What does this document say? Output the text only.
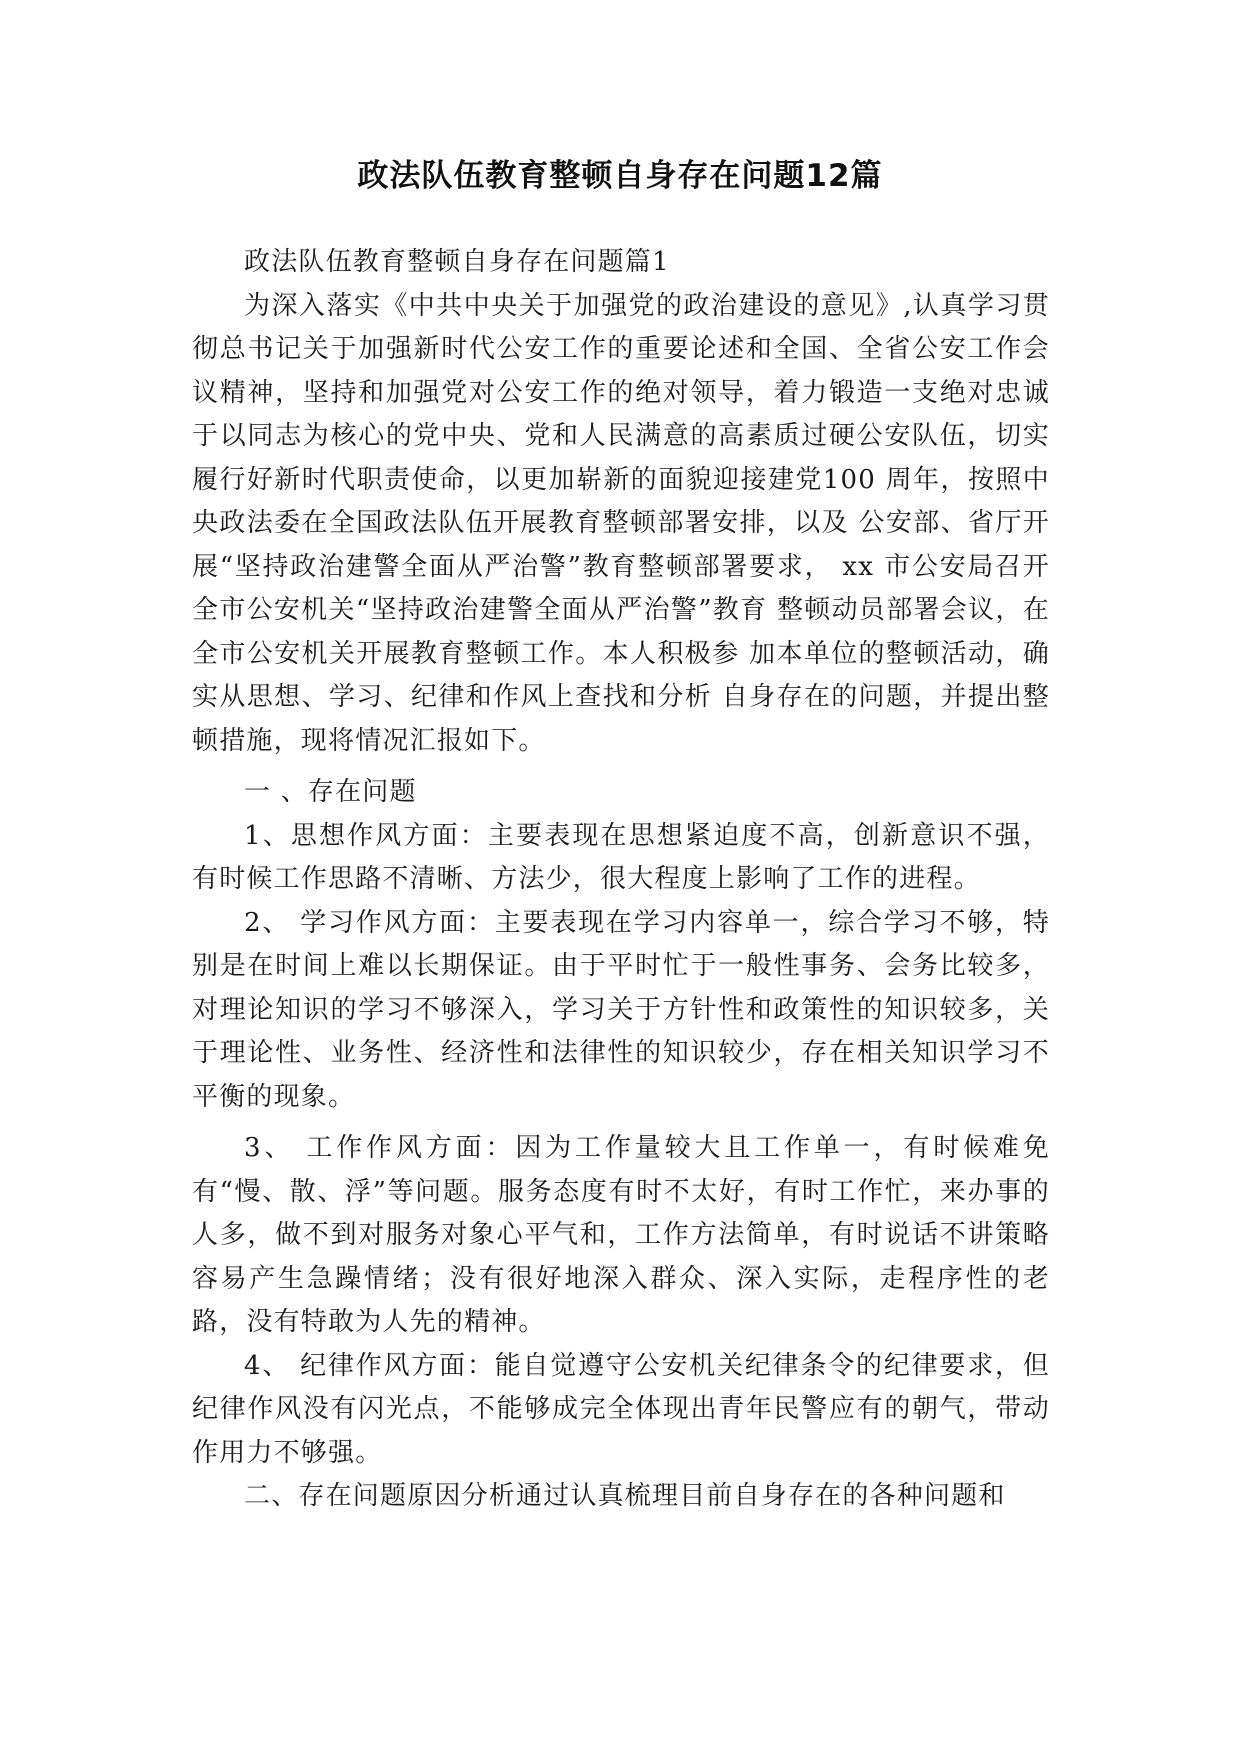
政法队伍教育整顿自身存在问题12篇

政法队伍教育整顿自身存在问题篇1

为深入落实《中共中央关于加强党的政治建设的意见》,认真学习贯彻总书记关于加强新时代公安工作的重要论述和全国、全省公安工作会议精神，坚持和加强党对公安工作的绝对领导，着力锻造一支绝对忠诚于以同志为核心的党中央、党和人民满意的高素质过硬公安队伍，切实履行好新时代职责使命，以更加崭新的面貌迎接建党100 周年，按照中央政法委在全国政法队伍开展教育整顿部署安排，以及 公安部、省厅开展“坚持政治建警全面从严治警”教育整顿部署要求， xx 市公安局召开全市公安机关“坚持政治建警全面从严治警”教育 整顿动员部署会议，在全市公安机关开展教育整顿工作。本人积极参 加本单位的整顿活动，确实从思想、学习、纪律和作风上查找和分析 自身存在的问题，并提出整顿措施，现将情况汇报如下。

一 、存在问题

1、思想作风方面：主要表现在思想紧迫度不高，创新意识不强，有时候工作思路不清晰、方法少，很大程度上影响了工作的进程。

2、 学习作风方面：主要表现在学习内容单一，综合学习不够，特别是在时间上难以长期保证。由于平时忙于一般性事务、会务比较多，对理论知识的学习不够深入，学习关于方针性和政策性的知识较多，关于理论性、业务性、经济性和法律性的知识较少，存在相关知识学习不平衡的现象。

3、 工作作风方面：因为工作量较大且工作单一，有时候难免有“慢、散、浮”等问题。服务态度有时不太好，有时工作忙，来办事的人多，做不到对服务对象心平气和，工作方法简单，有时说话不讲策略容易产生急躁情绪；没有很好地深入群众、深入实际，走程序性的老路，没有特敢为人先的精神。

4、 纪律作风方面：能自觉遵守公安机关纪律条令的纪律要求，但纪律作风没有闪光点，不能够成完全体现出青年民警应有的朝气，带动作用力不够强。

二、存在问题原因分析通过认真梳理目前自身存在的各种问题和
